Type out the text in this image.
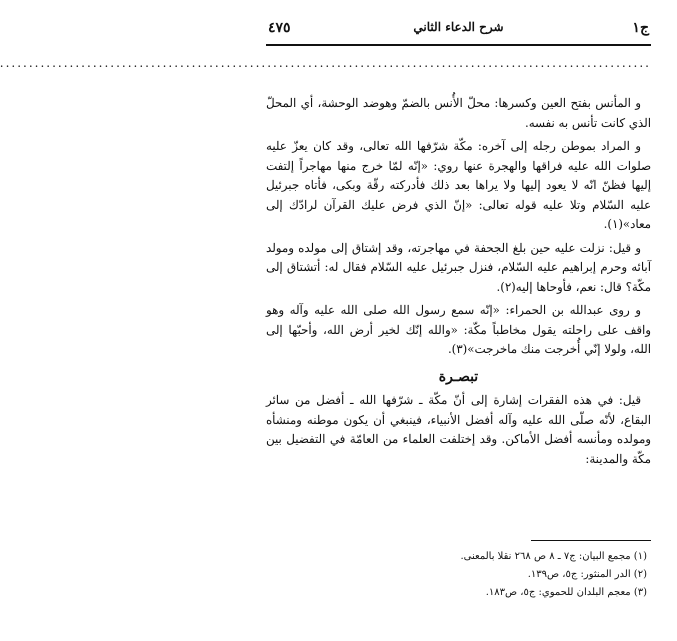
ج١
شرح الدعاء الثاني
٤٧٥
................................................................................................................

و المأنس بفتح العين وكسرها: محلّ الأُنس بالضمّ وهوضد الوحشة، أي المحلّ الذي كانت تأنس به نفسه.

و المراد بموطن رجله إلى آخره: مكّة شرّفها الله تعالى، وقد كان يعزّ عليه صلوات الله عليه فراقها والهجرة عنها روي: «إنّه لمّا خرج منها مهاجراً إلتفت إليها فظنّ انّه لا يعود إليها ولا يراها بعد ذلك فأدركته رقّة وبكى، فأتاه جبرئيل عليه السّلام وتلا عليه قوله تعالى: «إنّ الذي فرض عليك القرآن لرادّك إلى معاد»(١).

و قيل: نزلت عليه حين بلغ الجحفة في مهاجرته، وقد إشتاق إلى مولده ومولد آبائه وحرم إبراهيم عليه السّلام، فنزل جبرئيل عليه السّلام فقال له: أتشتاق إلى مكّة؟ قال: نعم، فأوحاها إليه(٢).

و روى عبدالله بن الحمراء: «إنّه سمع رسول الله صلى الله عليه وآله وهو واقف على راحلته يقول مخاطباً مكّة: «والله إنّك لخير أرض الله، وأحبّها إلى الله، ولولا إنّي أُخرجت منك ماخرجت»(٣).

تبصـرة

قيل: في هذه الفقرات إشارة إلى أنّ مكّة ـ شرّفها الله ـ أفضل من سائر البقاع، لأنّه صلّى الله عليه وآله أفضل الأنبياء، فينبغي أن يكون موطنه ومنشأه ومولده ومأنسه أفضل الأماكن. وقد إختلفت العلماء من العامّة في التفضيل بين مكّة والمدينة:

(١) مجمع البيان: ج٧ ـ ٨ ص ٢٦٨ نقلا بالمعنى.
(٢) الدر المنثور: ج٥، ص١٣٩.
(٣) معجم البلدان للحموي: ج٥، ص١٨٣.
